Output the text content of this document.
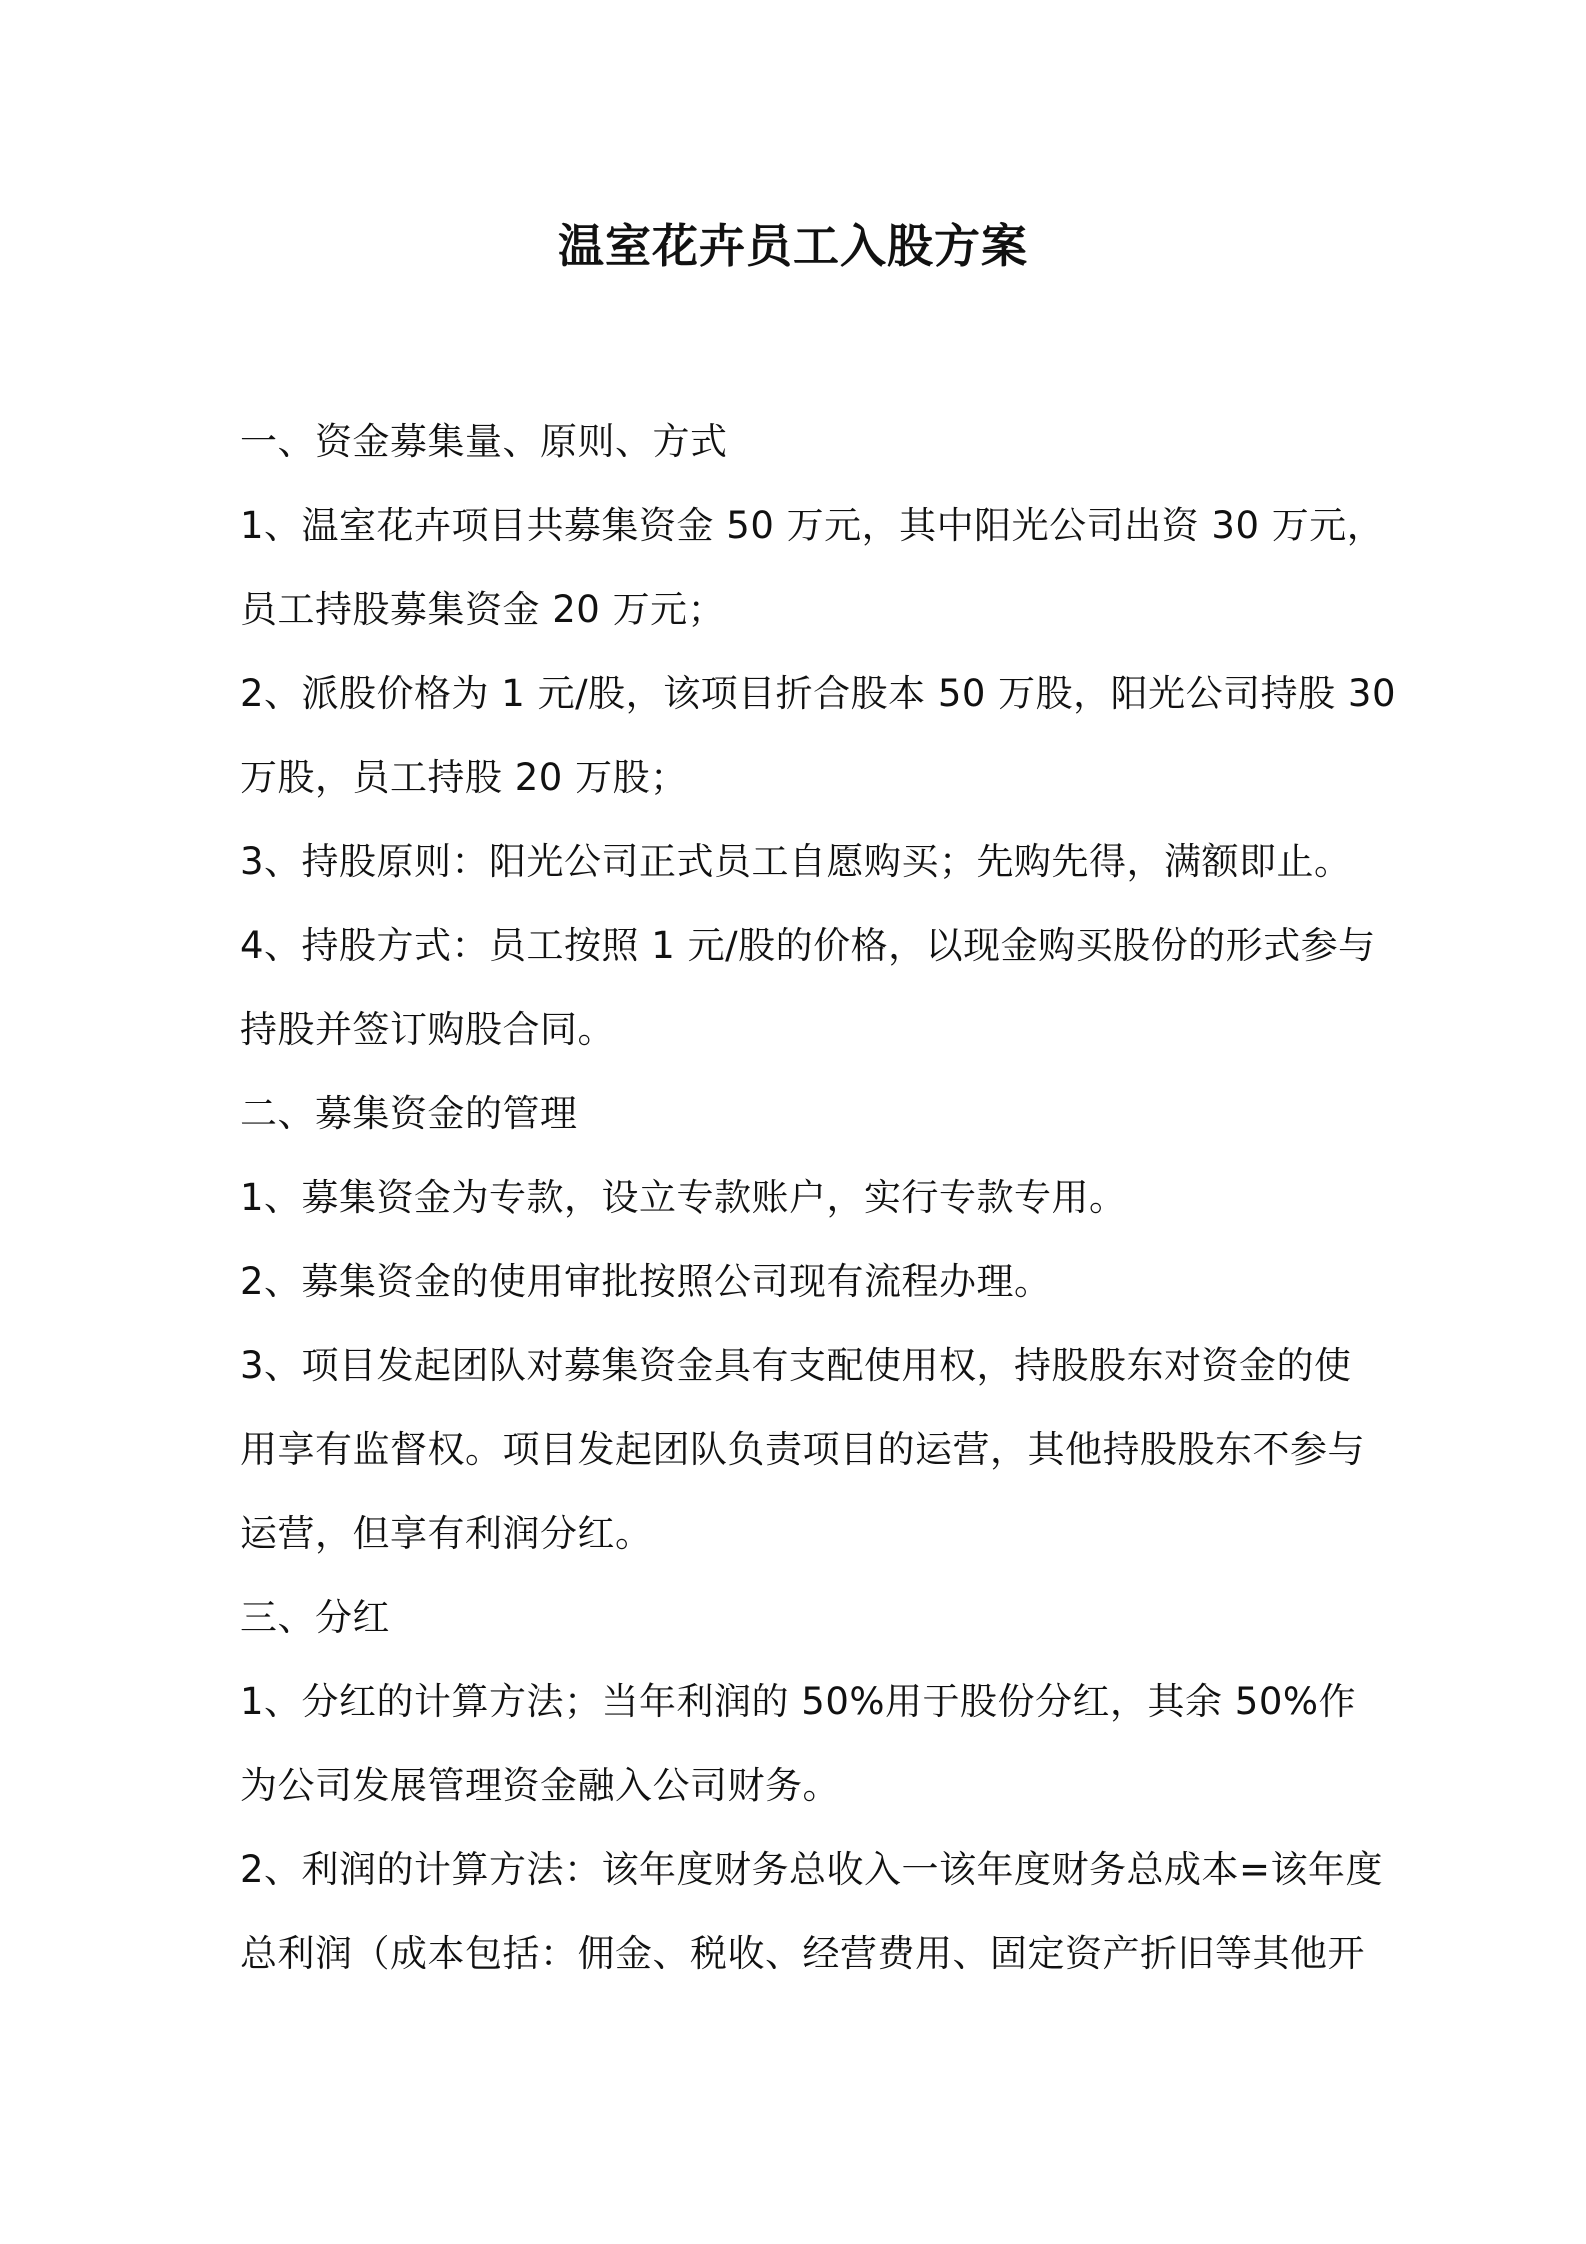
温室花卉员工入股方案
一、资金募集量、原则、方式
1、温室花卉项目共募集资金 50 万元，其中阳光公司出资 30 万元，
员工持股募集资金 20 万元；
2、派股价格为 1 元/股，该项目折合股本 50 万股，阳光公司持股 30
万股，员工持股 20 万股；
3、持股原则：阳光公司正式员工自愿购买；先购先得，满额即止。
4、持股方式：员工按照 1 元/股的价格，以现金购买股份的形式参与
持股并签订购股合同。
二、募集资金的管理
1、募集资金为专款，设立专款账户，实行专款专用。
2、募集资金的使用审批按照公司现有流程办理。
3、项目发起团队对募集资金具有支配使用权，持股股东对资金的使
用享有监督权。项目发起团队负责项目的运营，其他持股股东不参与
运营，但享有利润分红。
三、分红
1、分红的计算方法；当年利润的 50%用于股份分红，其余 50%作
为公司发展管理资金融入公司财务。
2、利润的计算方法：该年度财务总收入一该年度财务总成本=该年度
总利润（成本包括：佣金、税收、经营费用、固定资产折旧等其他开
